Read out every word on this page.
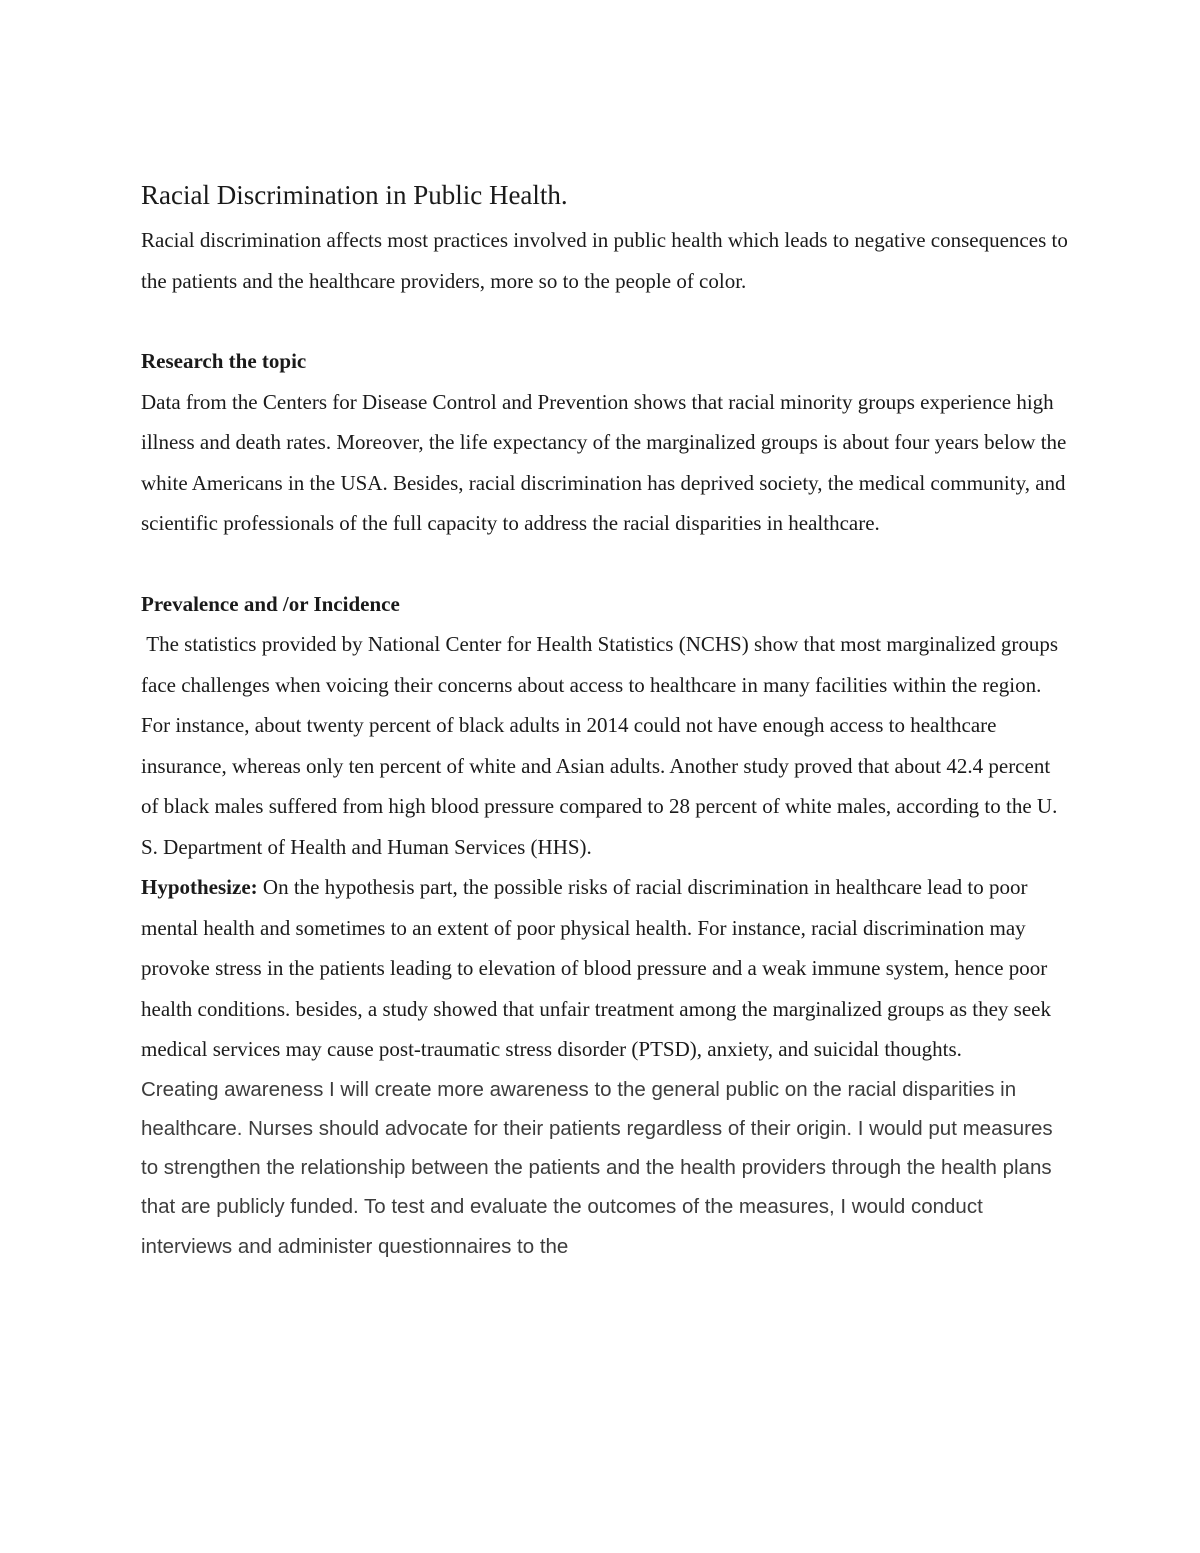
Racial Discrimination in Public Health.

Racial discrimination affects most practices involved in public health which leads to negative consequences to the patients and the healthcare providers, more so to the people of color.

Research the topic

Data from the Centers for Disease Control and Prevention shows that racial minority groups experience high illness and death rates. Moreover, the life expectancy of the marginalized groups is about four years below the white Americans in the USA. Besides, racial discrimination has deprived society, the medical community, and scientific professionals of the full capacity to address the racial disparities in healthcare.

Prevalence and /or Incidence

The statistics provided by National Center for Health Statistics (NCHS) show that most marginalized groups face challenges when voicing their concerns about access to healthcare in many facilities within the region. For instance, about twenty percent of black adults in 2014 could not have enough access to healthcare insurance, whereas only ten percent of white and Asian adults. Another study proved that about 42.4 percent of black males suffered from high blood pressure compared to 28 percent of white males, according to the U. S. Department of Health and Human Services (HHS).

Hypothesize: On the hypothesis part, the possible risks of racial discrimination in healthcare lead to poor mental health and sometimes to an extent of poor physical health. For instance, racial discrimination may provoke stress in the patients leading to elevation of blood pressure and a weak immune system, hence poor health conditions. besides, a study showed that unfair treatment among the marginalized groups as they seek medical services may cause post-traumatic stress disorder (PTSD), anxiety, and suicidal thoughts.

Creating awareness I will create more awareness to the general public on the racial disparities in healthcare. Nurses should advocate for their patients regardless of their origin. I would put measures to strengthen the relationship between the patients and the health providers through the health plans that are publicly funded. To test and evaluate the outcomes of the measures, I would conduct interviews and administer questionnaires to the
